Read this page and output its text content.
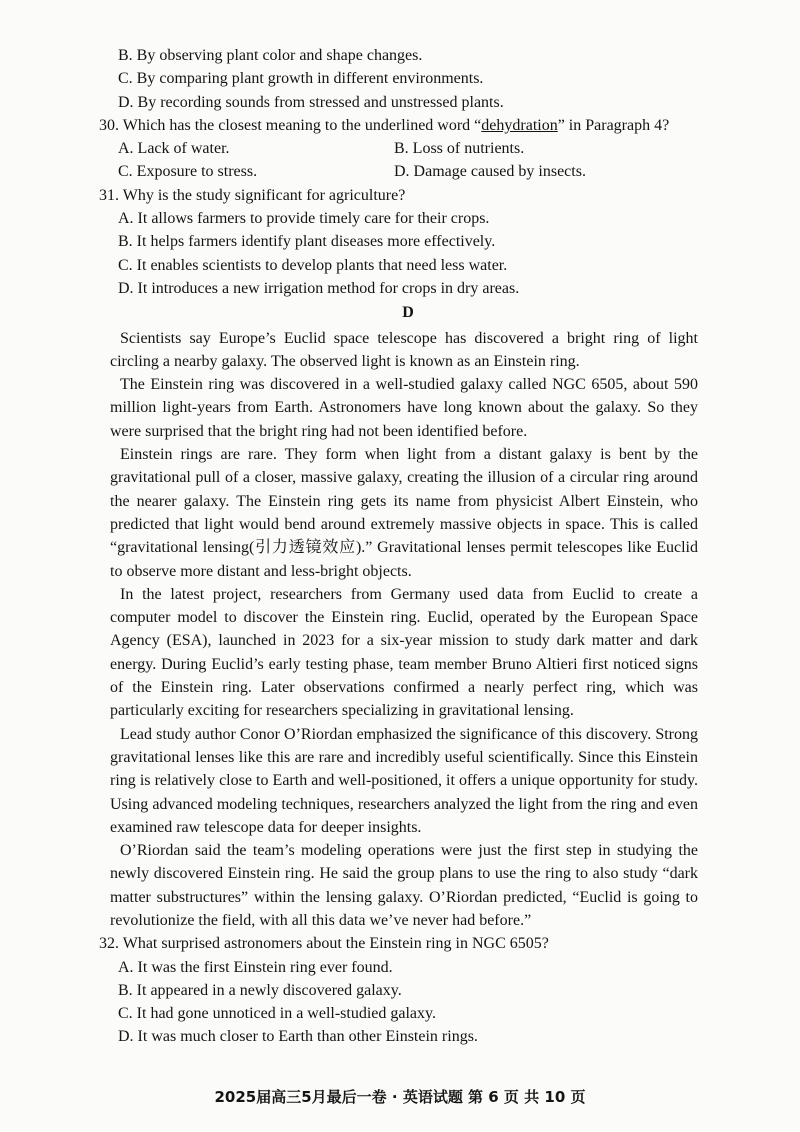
B. By observing plant color and shape changes.

C. By comparing plant growth in different environments.

D. By recording sounds from stressed and unstressed plants.

30. Which has the closest meaning to the underlined word “dehydration” in Paragraph 4?

A. Lack of water.	B. Loss of nutrients.
C. Exposure to stress.	D. Damage caused by insects.

31. Why is the study significant for agriculture?

A. It allows farmers to provide timely care for their crops.

B. It helps farmers identify plant diseases more effectively.

C. It enables scientists to develop plants that need less water.

D. It introduces a new irrigation method for crops in dry areas.

D

Scientists say Europe’s Euclid space telescope has discovered a bright ring of light circling a nearby galaxy. The observed light is known as an Einstein ring.

The Einstein ring was discovered in a well-studied galaxy called NGC 6505, about 590 million light-years from Earth. Astronomers have long known about the galaxy. So they were surprised that the bright ring had not been identified before.

Einstein rings are rare. They form when light from a distant galaxy is bent by the gravitational pull of a closer, massive galaxy, creating the illusion of a circular ring around the nearer galaxy. The Einstein ring gets its name from physicist Albert Einstein, who predicted that light would bend around extremely massive objects in space. This is called “gravitational lensing(引力透镜效应).” Gravitational lenses permit telescopes like Euclid to observe more distant and less-bright objects.

In the latest project, researchers from Germany used data from Euclid to create a computer model to discover the Einstein ring. Euclid, operated by the European Space Agency (ESA), launched in 2023 for a six-year mission to study dark matter and dark energy. During Euclid’s early testing phase, team member Bruno Altieri first noticed signs of the Einstein ring. Later observations confirmed a nearly perfect ring, which was particularly exciting for researchers specializing in gravitational lensing.

Lead study author Conor O’Riordan emphasized the significance of this discovery. Strong gravitational lenses like this are rare and incredibly useful scientifically. Since this Einstein ring is relatively close to Earth and well-positioned, it offers a unique opportunity for study. Using advanced modeling techniques, researchers analyzed the light from the ring and even examined raw telescope data for deeper insights.

O’Riordan said the team’s modeling operations were just the first step in studying the newly discovered Einstein ring. He said the group plans to use the ring to also study “dark matter substructures” within the lensing galaxy. O’Riordan predicted, “Euclid is going to revolutionize the field, with all this data we’ve never had before.”

32. What surprised astronomers about the Einstein ring in NGC 6505?

A. It was the first Einstein ring ever found.

B. It appeared in a newly discovered galaxy.

C. It had gone unnoticed in a well-studied galaxy.

D. It was much closer to Earth than other Einstein rings.

2025届高三5月最后一卷 · 英语试题 第 6 页 共 10 页
